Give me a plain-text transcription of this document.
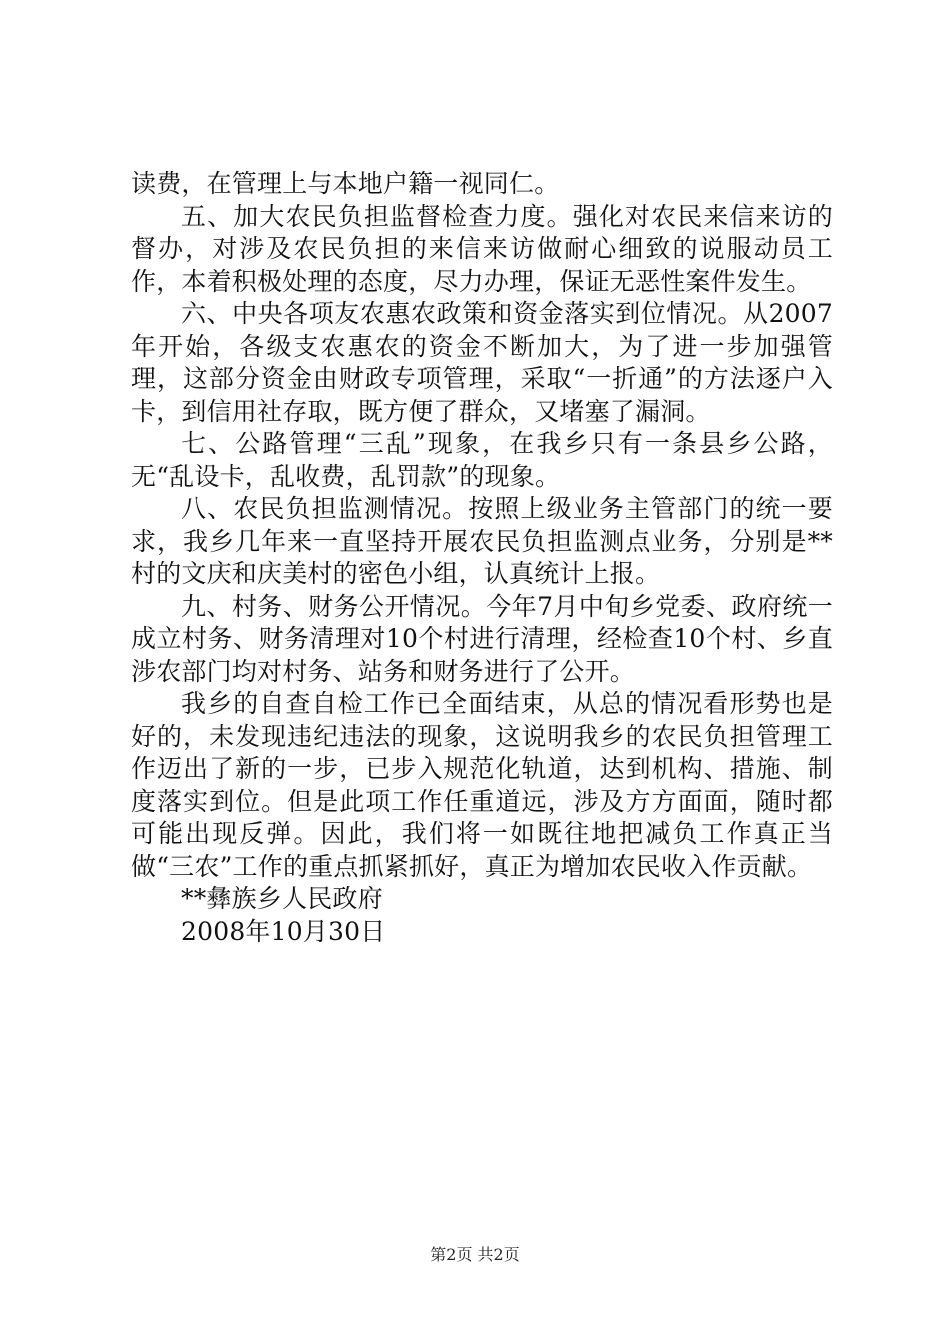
读费，在管理上与本地户籍一视同仁。

五、加大农民负担监督检查力度。强化对农民来信来访的督办，对涉及农民负担的来信来访做耐心细致的说服动员工作，本着积极处理的态度，尽力办理，保证无恶性案件发生。

六、中央各项友农惠农政策和资金落实到位情况。从2007年开始，各级支农惠农的资金不断加大，为了进一步加强管理，这部分资金由财政专项管理，采取“一折通”的方法逐户入卡，到信用社存取，既方便了群众，又堵塞了漏洞。

七、公路管理“三乱”现象，在我乡只有一条县乡公路，无“乱设卡，乱收费，乱罚款”的现象。

八、农民负担监测情况。按照上级业务主管部门的统一要求，我乡几年来一直坚持开展农民负担监测点业务，分别是**村的文庆和庆美村的密色小组，认真统计上报。

九、村务、财务公开情况。今年7月中旬乡党委、政府统一成立村务、财务清理对10个村进行清理，经检查10个村、乡直涉农部门均对村务、站务和财务进行了公开。

我乡的自查自检工作已全面结束，从总的情况看形势也是好的，未发现违纪违法的现象，这说明我乡的农民负担管理工作迈出了新的一步，已步入规范化轨道，达到机构、措施、制度落实到位。但是此项工作任重道远，涉及方方面面，随时都可能出现反弹。因此，我们将一如既往地把减负工作真正当做“三农”工作的重点抓紧抓好，真正为增加农民收入作贡献。

**彝族乡人民政府

2008年10月30日

第2页 共2页
